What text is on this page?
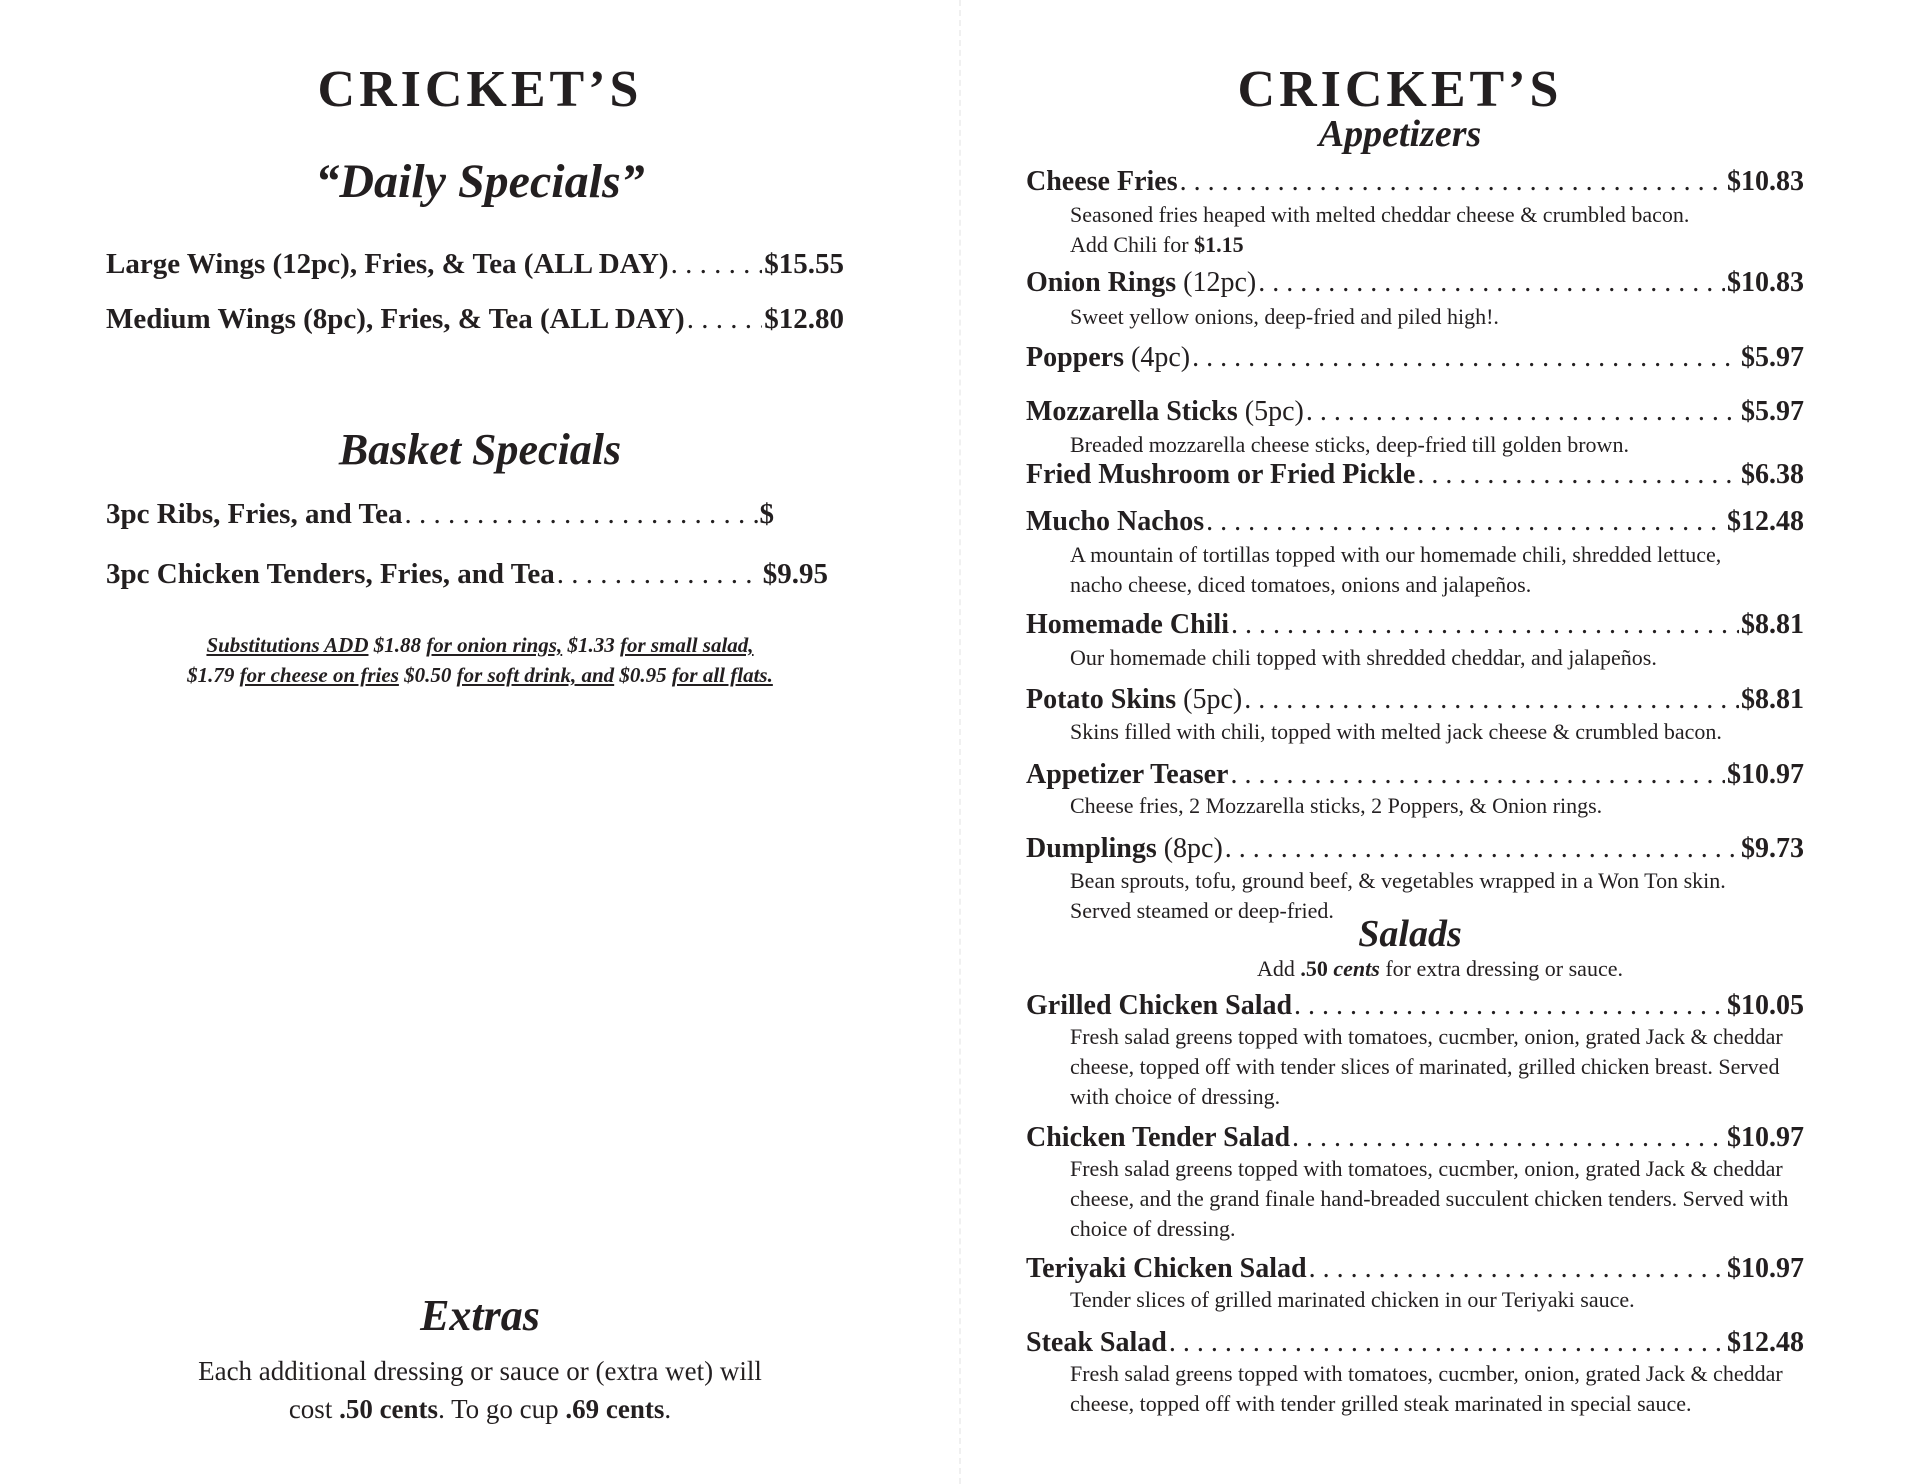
CRICKET’S
“Daily Specials”
Large Wings (12pc), Fries, & Tea (ALL DAY) . . .	$15.55
Medium Wings (8pc), Fries, & Tea (ALL DAY) . . .	$12.80
Basket Specials
3pc Ribs, Fries, and Tea . . .	$
3pc Chicken Tenders, Fries, and Tea . . .	$9.95
Substitutions ADD $1.88 for onion rings, $1.33 for small salad,
$1.79 for cheese on fries $0.50 for soft drink, and $0.95 for all flats.
Extras
Each additional dressing or sauce or (extra wet) will
cost .50 cents. To go cup .69 cents.
CRICKET’S
Appetizers
Cheese Fries . . .	$10.83
Seasoned fries heaped with melted cheddar cheese & crumbled bacon.
Add Chili for $1.15
Onion Rings (12pc) . . .	$10.83
Sweet yellow onions, deep-fried and piled high!.
Poppers (4pc) . . .	$5.97
Mozzarella Sticks (5pc) . . .	$5.97
Breaded mozzarella cheese sticks, deep-fried till golden brown.
Fried Mushroom or Fried Pickle . . .	$6.38
Mucho Nachos . . .	$12.48
A mountain of tortillas topped with our homemade chili, shredded lettuce,
nacho cheese, diced tomatoes, onions and jalapeños.
Homemade Chili . . .	$8.81
Our homemade chili topped with shredded cheddar, and jalapeños.
Potato Skins (5pc) . . .	$8.81
Skins filled with chili, topped with melted jack cheese & crumbled bacon.
Appetizer Teaser . . .	$10.97
Cheese fries, 2 Mozzarella sticks, 2 Poppers, & Onion rings.
Dumplings (8pc) . . .	$9.73
Bean sprouts, tofu, ground beef, & vegetables wrapped in a Won Ton skin.
Served steamed or deep-fried.
Salads
Add .50 cents for extra dressing or sauce.
Grilled Chicken Salad . . .	$10.05
Fresh salad greens topped with tomatoes, cucmber, onion, grated Jack & cheddar
cheese, topped off with tender slices of marinated, grilled chicken breast. Served
with choice of dressing.
Chicken Tender Salad . . .	$10.97
Fresh salad greens topped with tomatoes, cucmber, onion, grated Jack & cheddar
cheese, and the grand finale hand-breaded succulent chicken tenders. Served with
choice of dressing.
Teriyaki Chicken Salad . . .	$10.97
Tender slices of grilled marinated chicken in our Teriyaki sauce.
Steak Salad . . .	$12.48
Fresh salad greens topped with tomatoes, cucmber, onion, grated Jack & cheddar
cheese, topped off with tender grilled steak marinated in special sauce.
